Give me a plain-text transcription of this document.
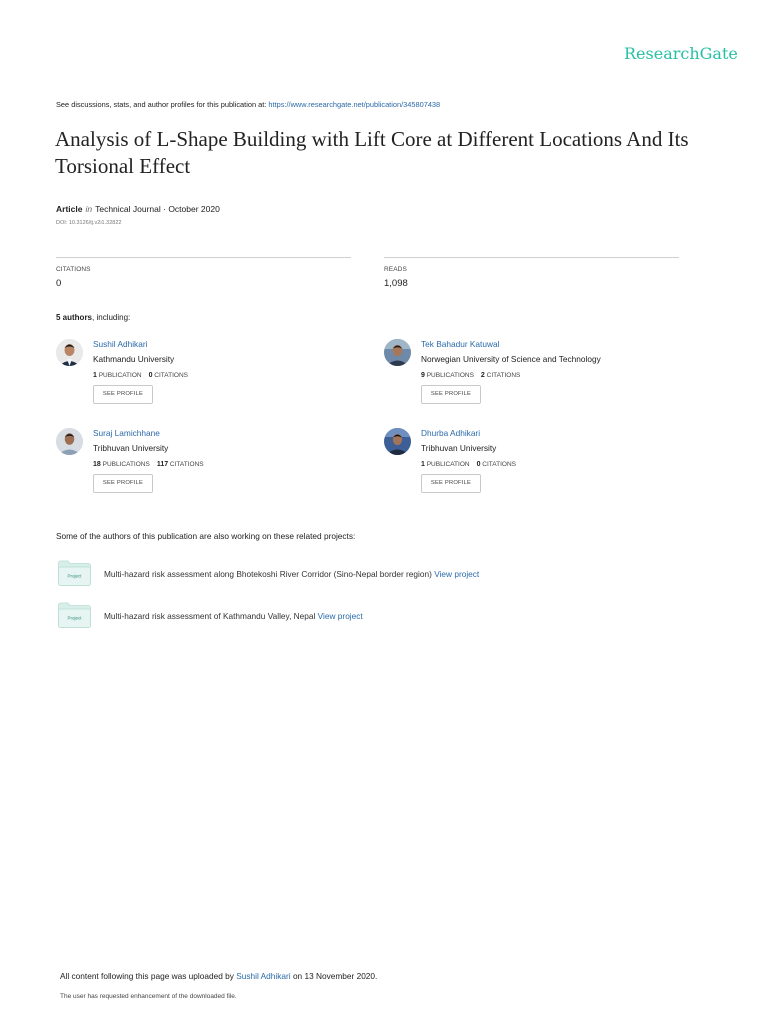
ResearchGate
See discussions, stats, and author profiles for this publication at: https://www.researchgate.net/publication/345807438
Analysis of L-Shape Building with Lift Core at Different Locations And Its Torsional Effect
Article in Technical Journal · October 2020
DOI: 10.3126/tj.v2i1.32822
CITATIONS
0
READS
1,098
5 authors, including:
Sushil Adhikari
Kathmandu University
1 PUBLICATION 0 CITATIONS
SEE PROFILE
Tek Bahadur Katuwal
Norwegian University of Science and Technology
9 PUBLICATIONS 2 CITATIONS
SEE PROFILE
Suraj Lamichhane
Tribhuvan University
18 PUBLICATIONS 117 CITATIONS
SEE PROFILE
Dhurba Adhikari
Tribhuvan University
1 PUBLICATION 0 CITATIONS
SEE PROFILE
Some of the authors of this publication are also working on these related projects:
Project	Multi-hazard risk assessment along Bhotekoshi River Corridor (Sino-Nepal border region) View project
Project	Multi-hazard risk assessment of Kathmandu Valley, Nepal View project
All content following this page was uploaded by Sushil Adhikari on 13 November 2020.
The user has requested enhancement of the downloaded file.
